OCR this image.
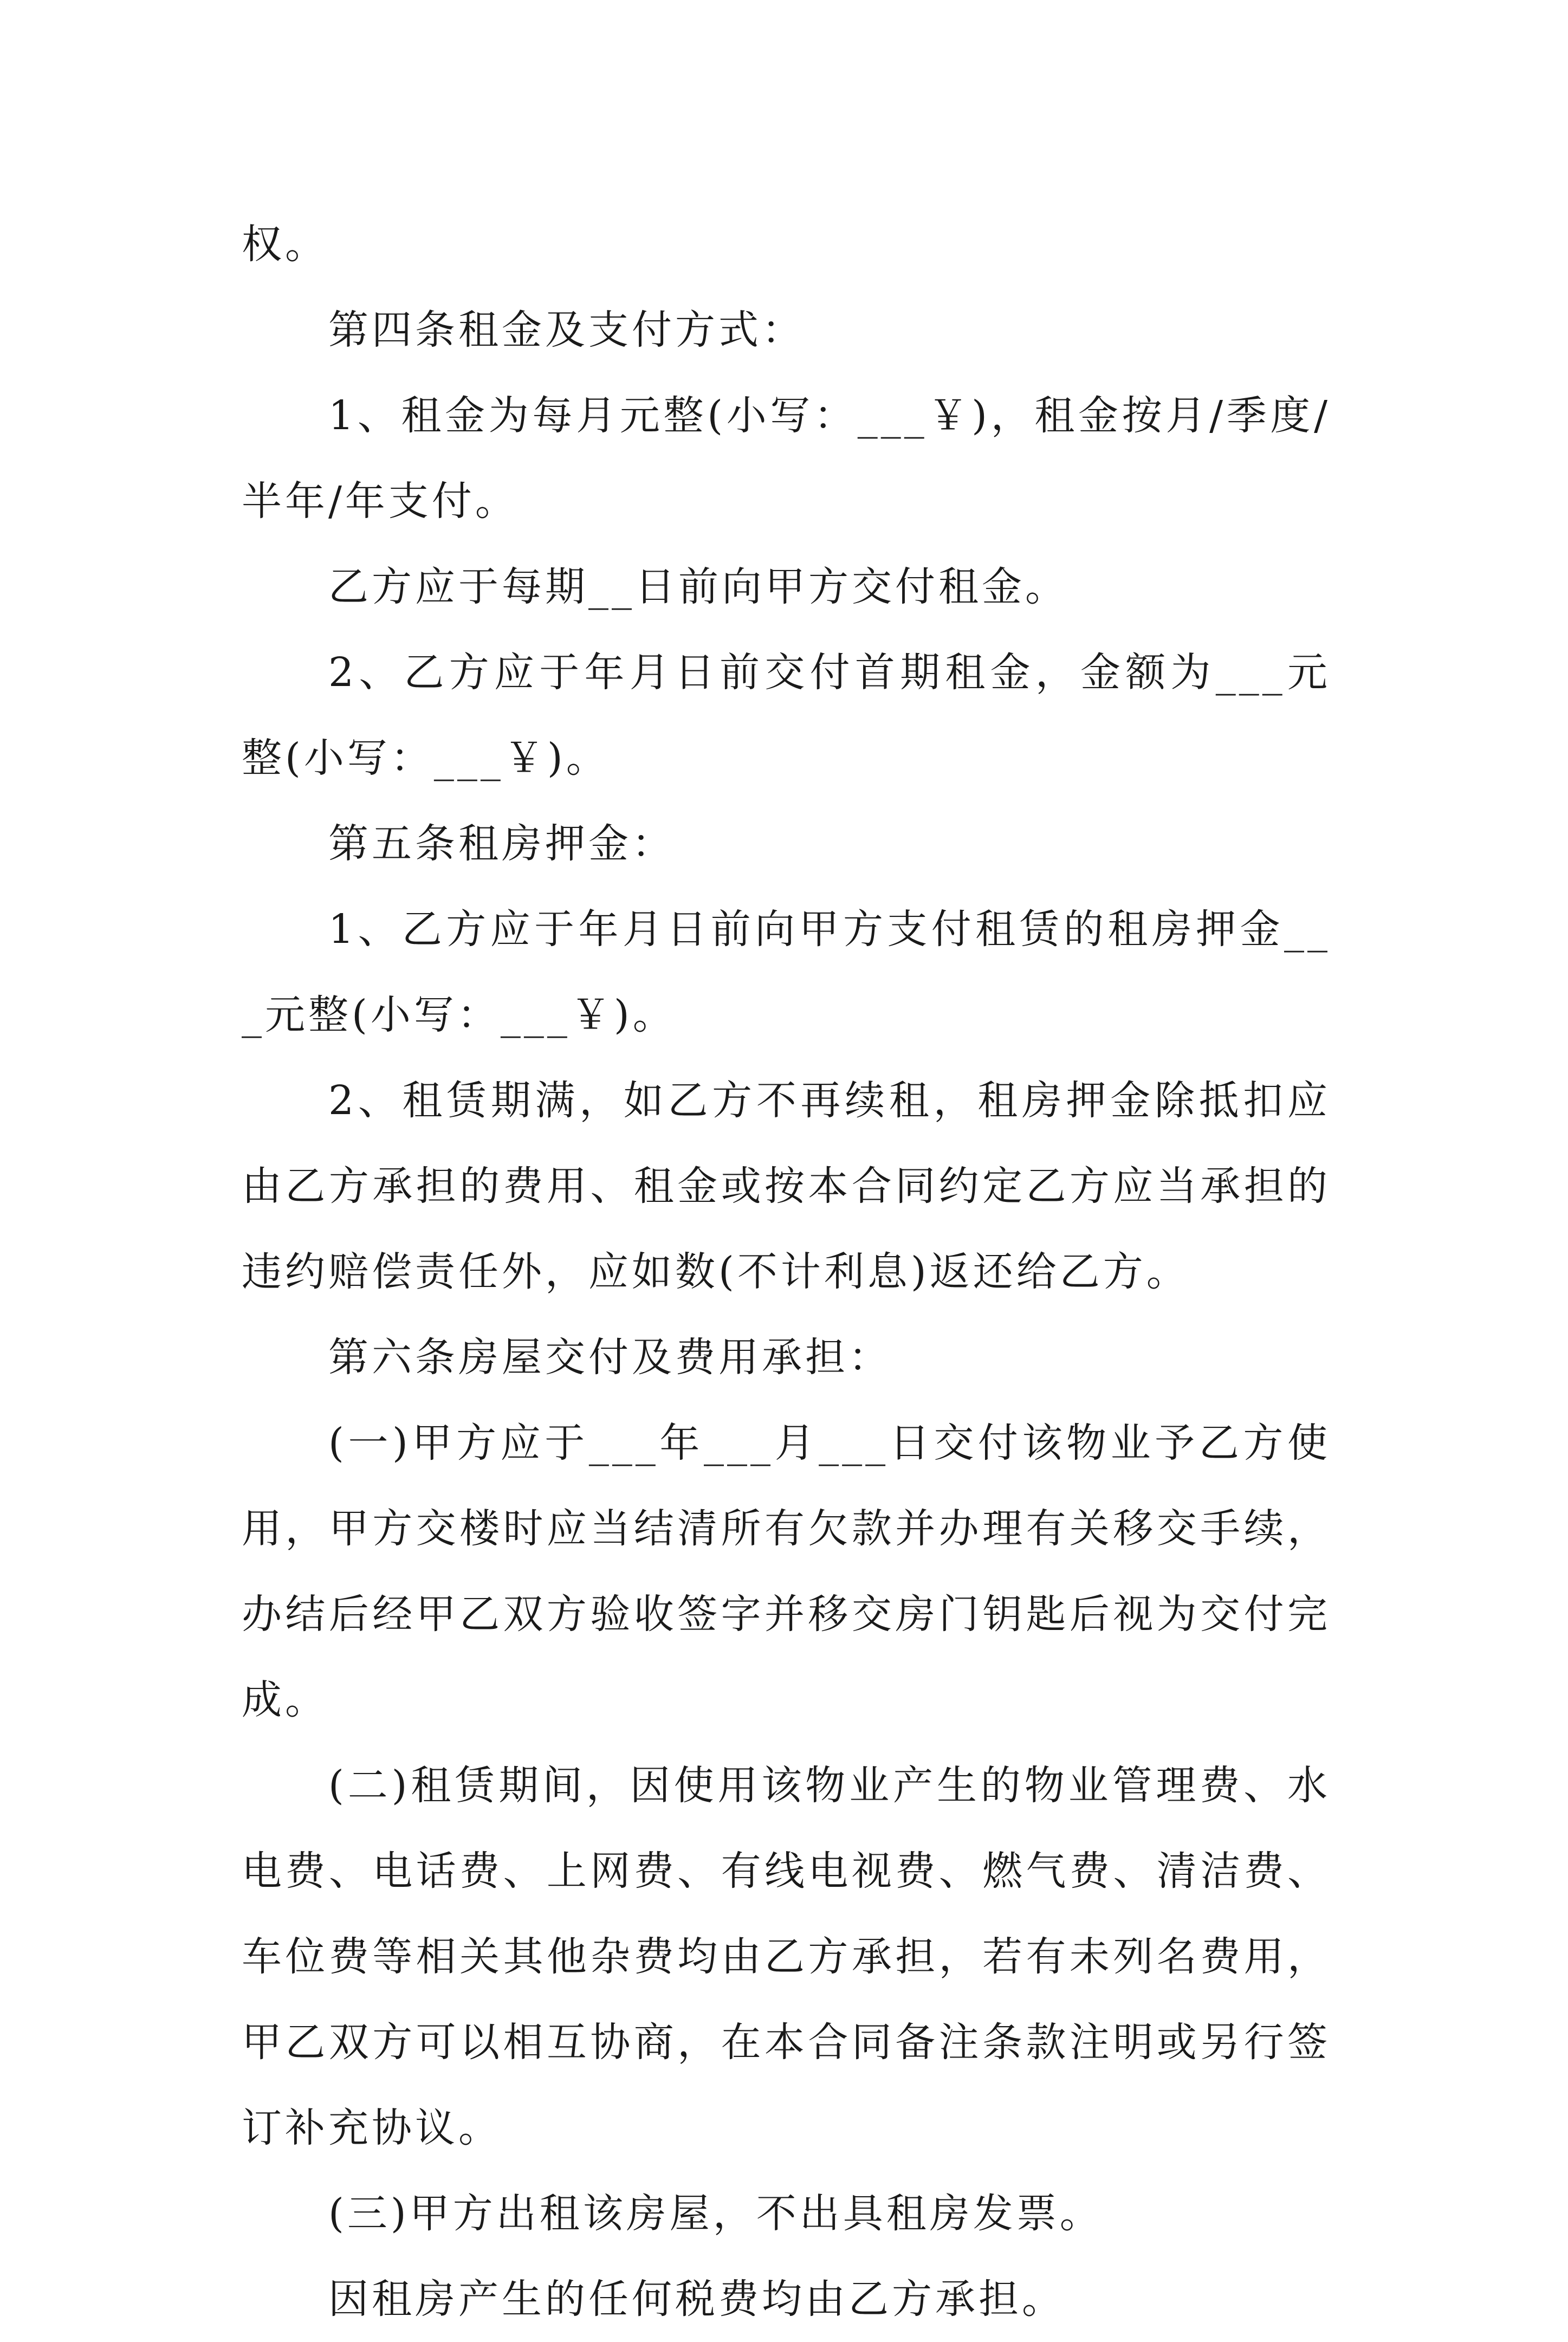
权。

第四条租金及支付方式：

1、租金为每月元整(小写：___￥)，租金按月/季度/半年/年支付。

乙方应于每期__日前向甲方交付租金。

2、乙方应于年月日前交付首期租金，金额为___元整(小写：___￥)。

第五条租房押金：

1、乙方应于年月日前向甲方支付租赁的租房押金___元整(小写：___￥)。

2、租赁期满，如乙方不再续租，租房押金除抵扣应由乙方承担的费用、租金或按本合同约定乙方应当承担的违约赔偿责任外，应如数(不计利息)返还给乙方。

第六条房屋交付及费用承担：

(一)甲方应于___年___月___日交付该物业予乙方使用，甲方交楼时应当结清所有欠款并办理有关移交手续，办结后经甲乙双方验收签字并移交房门钥匙后视为交付完成。

(二)租赁期间，因使用该物业产生的物业管理费、水电费、电话费、上网费、有线电视费、燃气费、清洁费、车位费等相关其他杂费均由乙方承担，若有未列名费用，甲乙双方可以相互协商，在本合同备注条款注明或另行签订补充协议。

(三)甲方出租该房屋，不出具租房发票。

因租房产生的任何税费均由乙方承担。
